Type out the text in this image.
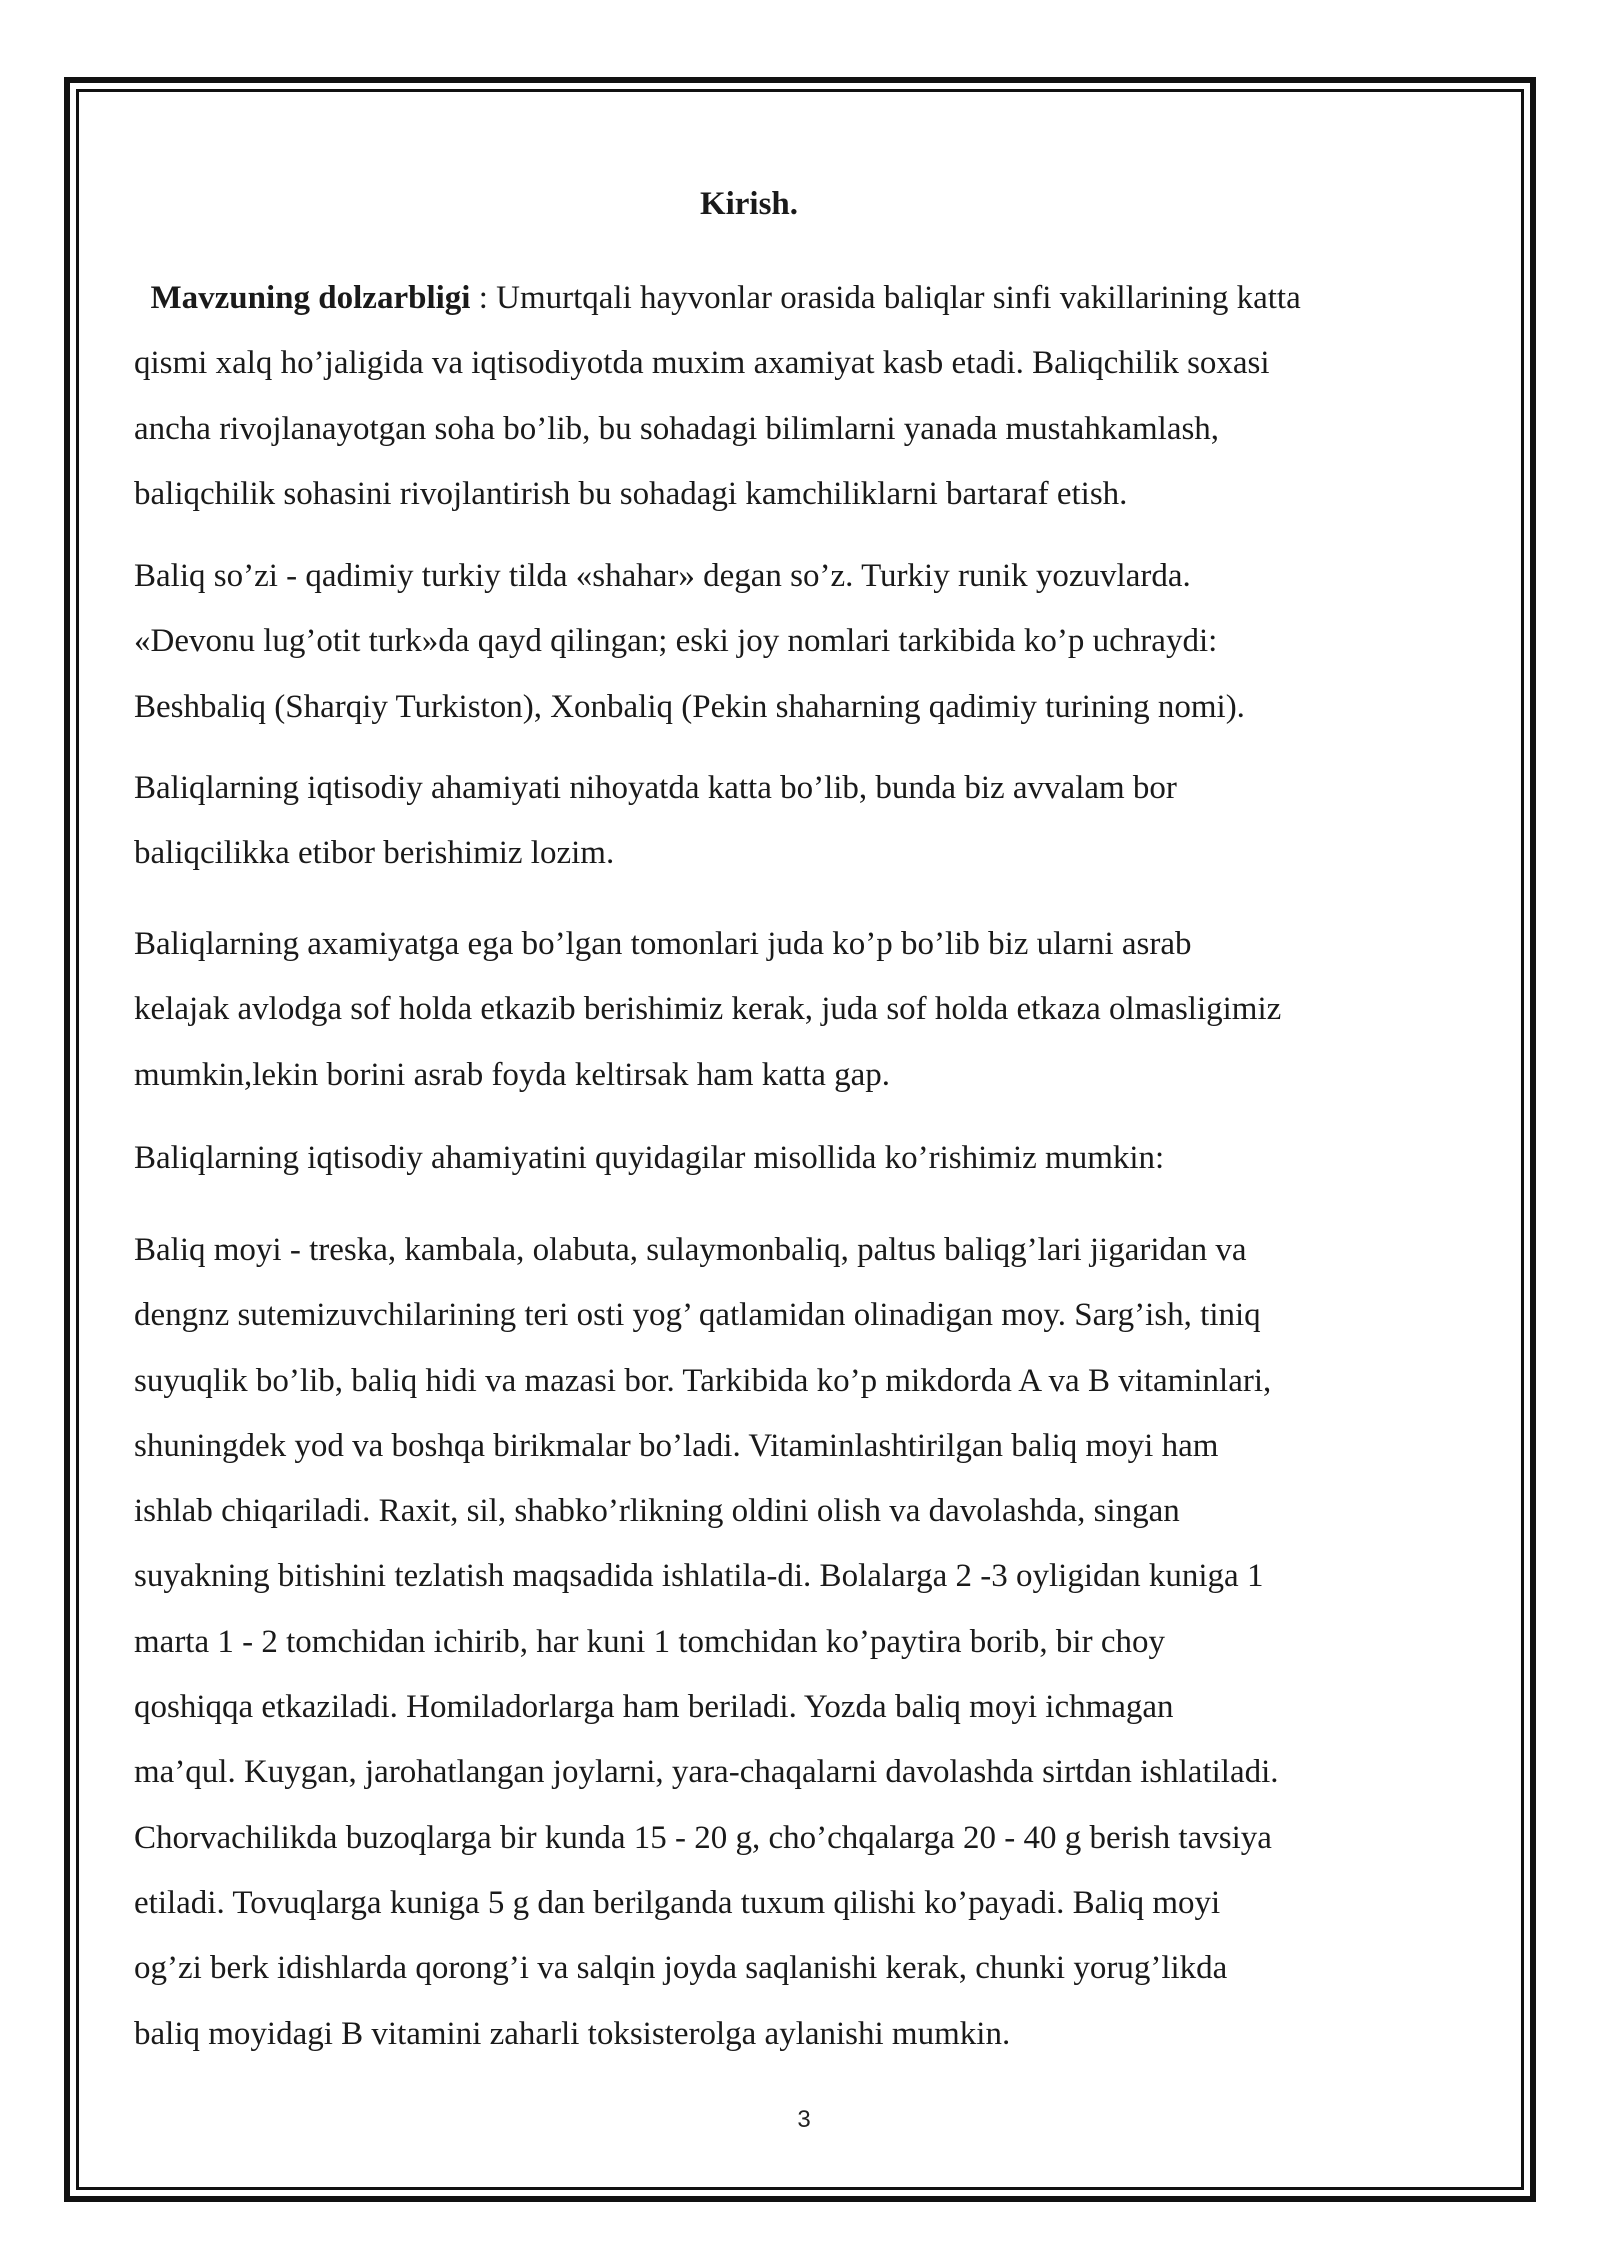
Kirish.
Mavzuning dolzarbligi : Umurtqali hayvonlar orasida baliqlar sinfi vakillarining katta
qismi xalq ho’jaligida va iqtisodiyotda muxim axamiyat kasb etadi. Baliqchilik soxasi
ancha rivojlanayotgan soha bo’lib, bu sohadagi bilimlarni yanada mustahkamlash,
baliqchilik sohasini rivojlantirish bu sohadagi kamchiliklarni bartaraf etish.
Baliq so’zi - qadimiy turkiy tilda «shahar» degan so’z. Turkiy runik yozuvlarda.
«Devonu lug’otit turk»da qayd qilingan; eski joy nomlari tarkibida ko’p uchraydi:
Beshbaliq (Sharqiy Turkiston), Xonbaliq (Pekin shaharning qadimiy turining nomi).
Baliqlarning iqtisodiy ahamiyati nihoyatda katta bo’lib, bunda biz avvalam bor
baliqcilikka etibor berishimiz lozim.
Baliqlarning axamiyatga ega bo’lgan tomonlari juda ko’p bo’lib biz ularni asrab
kelajak avlodga sof holda etkazib berishimiz kerak, juda sof holda etkaza olmasligimiz
mumkin,lekin borini asrab foyda keltirsak ham katta gap.
Baliqlarning iqtisodiy ahamiyatini quyidagilar misollida ko’rishimiz mumkin:
Baliq moyi - treska, kambala, olabuta, sulaymonbaliq, paltus baliqg’lari jigaridan va
dengnz sutemizuvchilarining teri osti yog’ qatlamidan olinadigan moy. Sarg’ish, tiniq
suyuqlik bo’lib, baliq hidi va mazasi bor. Tarkibida ko’p mikdorda A va B vitaminlari,
shuningdek yod va boshqa birikmalar bo’ladi. Vitaminlashtirilgan baliq moyi ham
ishlab chiqariladi. Raxit, sil, shabko’rlikning oldini olish va davolashda, singan
suyakning bitishini tezlatish maqsadida ishlatila-di. Bolalarga 2 -3 oyligidan kuniga 1
marta 1 - 2 tomchidan ichirib, har kuni 1 tomchidan ko’paytira borib, bir choy
qoshiqqa etkaziladi. Homiladorlarga ham beriladi. Yozda baliq moyi ichmagan
ma’qul. Kuygan, jarohatlangan joylarni, yara-chaqalarni davolashda sirtdan ishlatiladi.
Chorvachilikda buzoqlarga bir kunda 15 - 20 g, cho’chqalarga 20 - 40 g berish tavsiya
etiladi. Tovuqlarga kuniga 5 g dan berilganda tuxum qilishi ko’payadi. Baliq moyi
og’zi berk idishlarda qorong’i va salqin joyda saqlanishi kerak, chunki yorug’likda
baliq moyidagi B vitamini zaharli toksisterolga aylanishi mumkin.
3
